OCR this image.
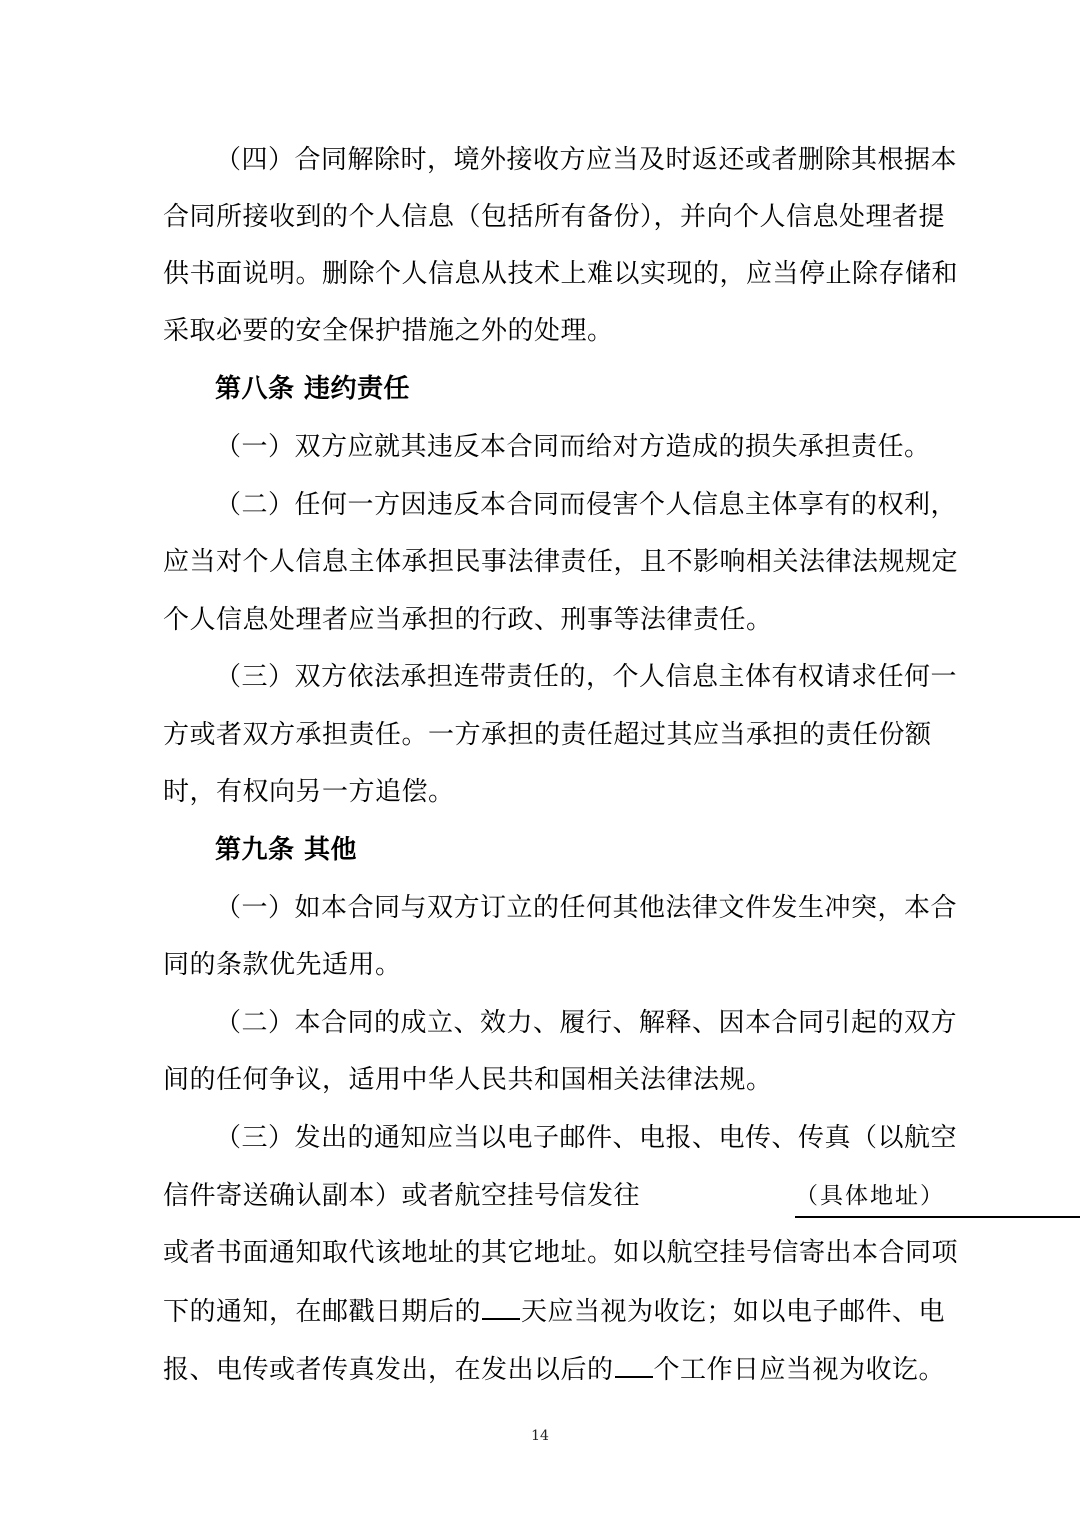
（四）合同解除时，境外接收方应当及时返还或者删除其根据本
合同所接收到的个人信息（包括所有备份），并向个人信息处理者提
供书面说明。删除个人信息从技术上难以实现的，应当停止除存储和
采取必要的安全保护措施之外的处理。
第八条 违约责任
（一）双方应就其违反本合同而给对方造成的损失承担责任。
（二）任何一方因违反本合同而侵害个人信息主体享有的权利，
应当对个人信息主体承担民事法律责任，且不影响相关法律法规规定
个人信息处理者应当承担的行政、刑事等法律责任。
（三）双方依法承担连带责任的，个人信息主体有权请求任何一
方或者双方承担责任。一方承担的责任超过其应当承担的责任份额
时，有权向另一方追偿。
第九条 其他
（一）如本合同与双方订立的任何其他法律文件发生冲突，本合
同的条款优先适用。
（二）本合同的成立、效力、履行、解释、因本合同引起的双方
间的任何争议，适用中华人民共和国相关法律法规。
（三）发出的通知应当以电子邮件、电报、电传、传真（以航空
信件寄送确认副本）或者航空挂号信发往	（具体地址）
或者书面通知取代该地址的其它地址。如以航空挂号信寄出本合同项
下的通知，在邮戳日期后的 天应当视为收讫；如以电子邮件、电
报、电传或者传真发出，在发出以后的 个工作日应当视为收讫。
14
